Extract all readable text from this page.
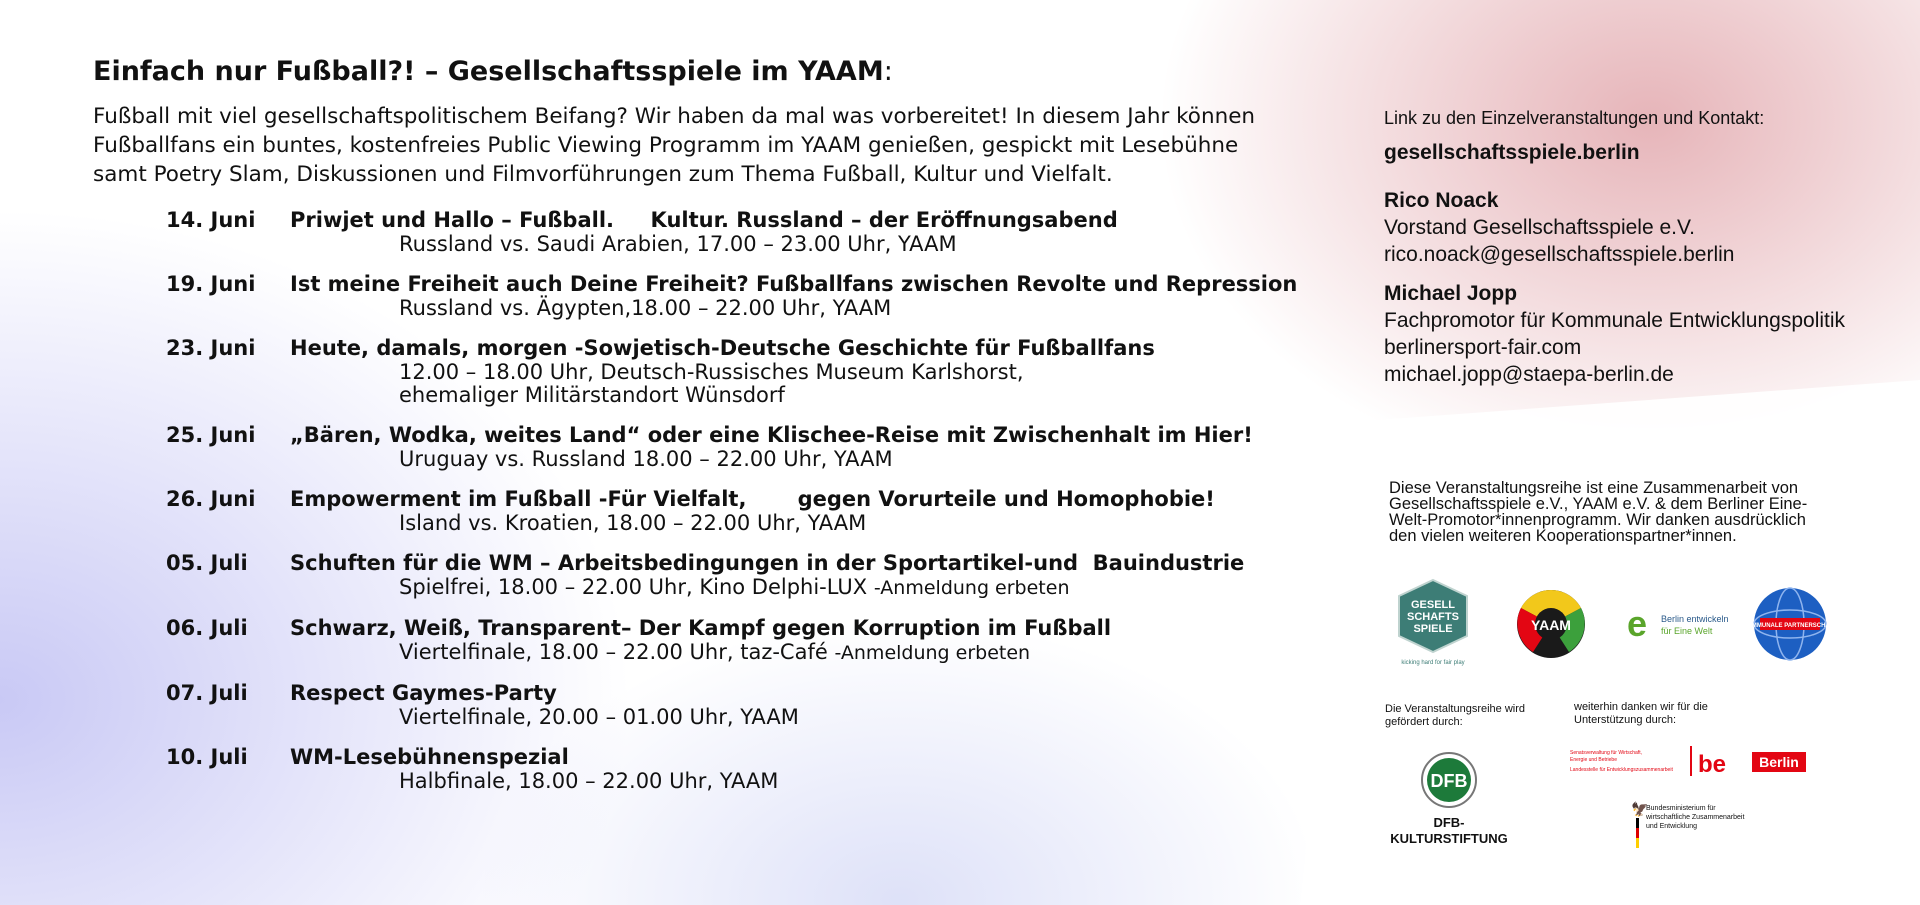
Einfach nur Fußball?! – Gesellschaftsspiele im YAAM:
Fußball mit viel gesellschaftspolitischem Beifang? Wir haben da mal was vorbereitet! In diesem Jahr können Fußballfans ein buntes, kostenfreies Public Viewing Programm im YAAM genießen, gespickt mit Lesebühne samt Poetry Slam, Diskussionen und Filmvorführungen zum Thema Fußball, Kultur und Vielfalt.
14. Juni	Priwjet und Hallo – Fußball.     Kultur. Russland – der Eröffnungsabend
Russland vs. Saudi Arabien, 17.00 – 23.00 Uhr, YAAM
19. Juni	Ist meine Freiheit auch Deine Freiheit? Fußballfans zwischen Revolte und Repression
Russland vs. Ägypten,18.00 – 22.00 Uhr, YAAM
23. Juni	Heute, damals, morgen -Sowjetisch-Deutsche Geschichte für Fußballfans
12.00 – 18.00 Uhr, Deutsch-Russisches Museum Karlshorst,
ehemaliger Militärstandort Wünsdorf
25. Juni	„Bären, Wodka, weites Land“ oder eine Klischee-Reise mit Zwischenhalt im Hier!
Uruguay vs. Russland 18.00 – 22.00 Uhr, YAAM
26. Juni	Empowerment im Fußball -Für Vielfalt,       gegen Vorurteile und Homophobie!
Island vs. Kroatien, 18.00 – 22.00 Uhr, YAAM
05. Juli	Schuften für die WM – Arbeitsbedingungen in der Sportartikel-und  Bauindustrie
Spielfrei, 18.00 – 22.00 Uhr, Kino Delphi-LUX -Anmeldung erbeten
06. Juli	Schwarz, Weiß, Transparent– Der Kampf gegen Korruption im Fußball
Viertelfinale, 18.00 – 22.00 Uhr, taz-Café -Anmeldung erbeten
07. Juli	Respect Gaymes-Party
Viertelfinale, 20.00 – 01.00 Uhr, YAAM
10. Juli	WM-Lesebühnenspezial
Halbfinale, 18.00 – 22.00 Uhr, YAAM
Link zu den Einzelveranstaltungen und Kontakt:
gesellschaftsspiele.berlin
Rico Noack
Vorstand Gesellschaftsspiele e.V.
rico.noack@gesellschaftsspiele.berlin
Michael Jopp
Fachpromotor für Kommunale Entwicklungspolitik
berlinersport-fair.com
michael.jopp@staepa-berlin.de
Diese Veranstaltungsreihe ist eine Zusammenarbeit von Gesellschaftsspiele e.V., YAAM e.V. & dem Berliner Eine-Welt-Promotor*innenprogramm. Wir danken ausdrücklich den vielen weiteren Kooperationspartner*innen.
GESELL
SCHAFTS
SPIELE
kicking hard for fair play
YAAM e Berlin entwickeln
für Eine Welt	KOMMUNALE PARTNERSCHAFT
Die Veranstaltungsreihe wird gefördert durch:
weiterhin danken wir für die Unterstützung durch:
DFB
DFB-
KULTURSTIFTUNG
Senatsverwaltung für Wirtschaft,
Energie und Betriebe
Landesstelle für Entwicklungszusammenarbeit be Berlin
🦅
Bundesministerium für
wirtschaftliche Zusammenarbeit
und Entwicklung
